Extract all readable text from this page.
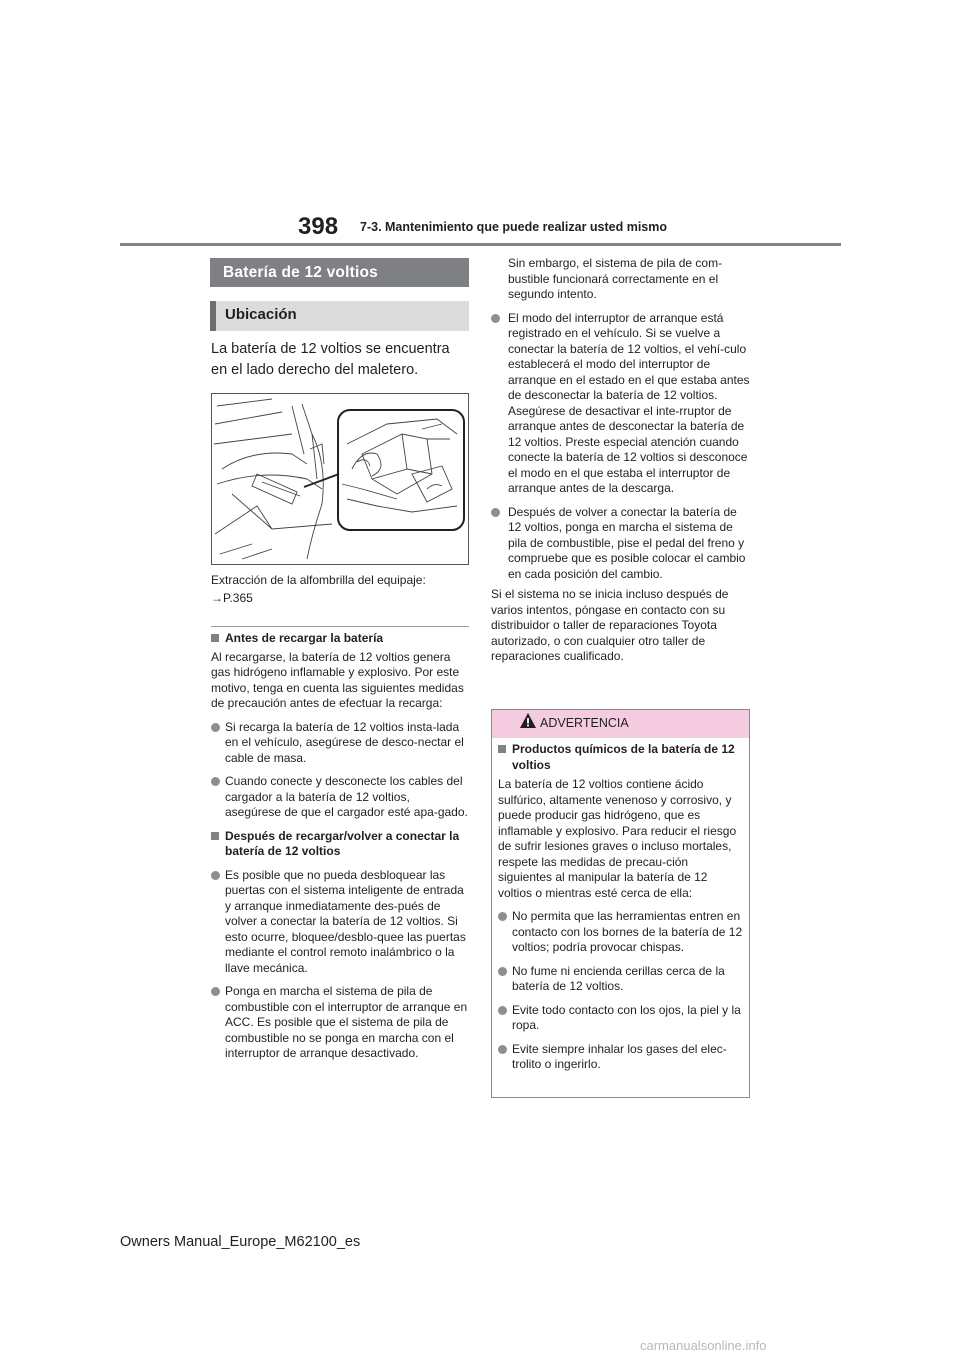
398 7-3. Mantenimiento que puede realizar usted mismo
Batería de 12 voltios
Ubicación
La batería de 12 voltios se encuentra
en el lado derecho del maletero.
Extracción de la alfombrilla del equipaje:
→P.365
Antes de recargar la batería
Al recargarse, la batería de 12 voltios genera gas hidrógeno inflamable y explosivo. Por este motivo, tenga en cuenta las siguientes medidas de precaución antes de efectuar la recarga:
Si recarga la batería de 12 voltios insta-lada en el vehículo, asegúrese de desco-nectar el cable de masa.
Cuando conecte y desconecte los cables del cargador a la batería de 12 voltios, asegúrese de que el cargador esté apa-gado.
Después de recargar/volver a conectar la batería de 12 voltios
Es posible que no pueda desbloquear las puertas con el sistema inteligente de entrada y arranque inmediatamente des-pués de volver a conectar la batería de 12 voltios. Si esto ocurre, bloquee/desblo-quee las puertas mediante el control remoto inalámbrico o la llave mecánica.
Ponga en marcha el sistema de pila de combustible con el interruptor de arranque en ACC. Es posible que el sistema de pila de combustible no se ponga en marcha con el interruptor de arranque desactivado.
Sin embargo, el sistema de pila de com-bustible funcionará correctamente en el segundo intento.
El modo del interruptor de arranque está registrado en el vehículo. Si se vuelve a conectar la batería de 12 voltios, el vehí-culo establecerá el modo del interruptor de arranque en el estado en el que estaba antes de desconectar la batería de 12 voltios. Asegúrese de desactivar el inte-rruptor de arranque antes de desconectar la batería de 12 voltios. Preste especial atención cuando conecte la batería de 12 voltios si desconoce el modo en el que estaba el interruptor de arranque antes de la descarga.
Después de volver a conectar la batería de 12 voltios, ponga en marcha el sistema de pila de combustible, pise el pedal del freno y compruebe que es posible colocar el cambio en cada posición del cambio.
Si el sistema no se inicia incluso después de varios intentos, póngase en contacto con su distribuidor o taller de reparaciones Toyota autorizado, o con cualquier otro taller de reparaciones cualificado.
ADVERTENCIA
Productos químicos de la batería de 12 voltios
La batería de 12 voltios contiene ácido sulfúrico, altamente venenoso y corrosivo, y puede producir gas hidrógeno, que es inflamable y explosivo. Para reducir el riesgo de sufrir lesiones graves o incluso mortales, respete las medidas de precau-ción siguientes al manipular la batería de 12 voltios o mientras esté cerca de ella:
No permita que las herramientas entren en contacto con los bornes de la batería de 12 voltios; podría provocar chispas.
No fume ni encienda cerillas cerca de la batería de 12 voltios.
Evite todo contacto con los ojos, la piel y la ropa.
Evite siempre inhalar los gases del elec-trolito o ingerirlo.
Owners Manual_Europe_M62100_es
carmanualsonline.info
